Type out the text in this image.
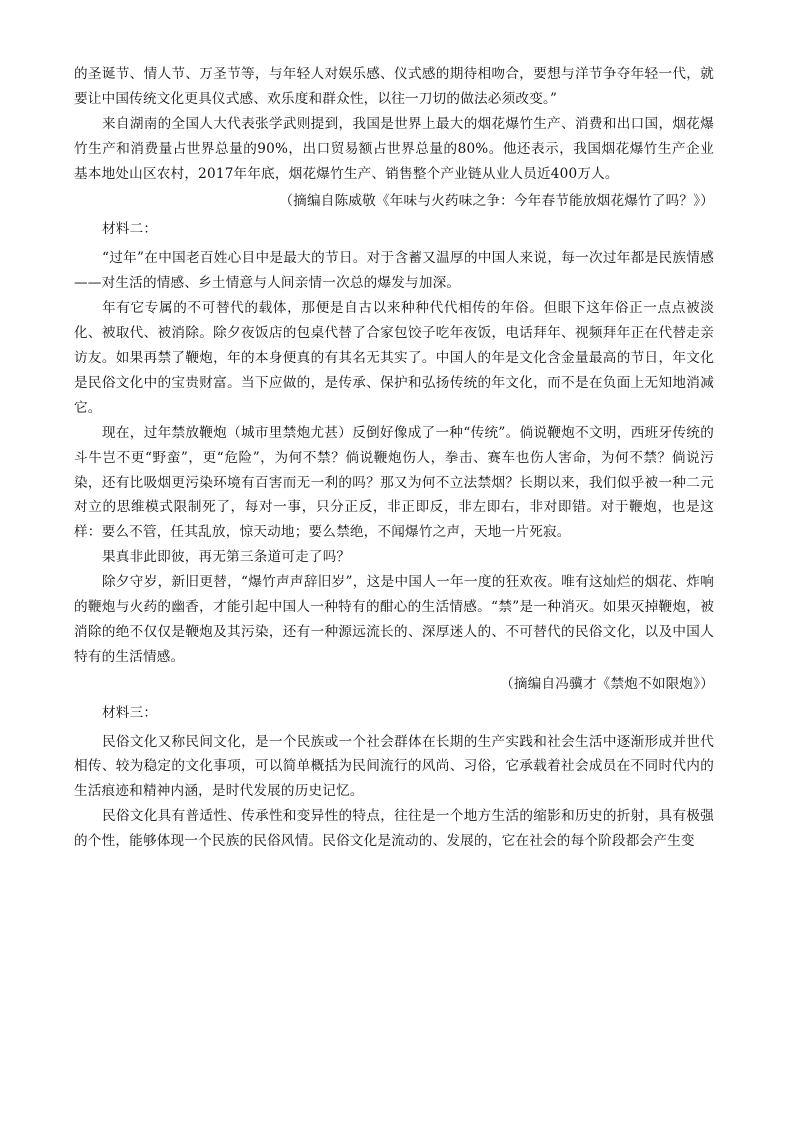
的圣诞节、情人节、万圣节等，与年轻人对娱乐感、仪式感的期待相吻合，要想与洋节争夺年轻一代，就要让中国传统文化更具仪式感、欢乐度和群众性，以往一刀切的做法必须改变。”

来自湖南的全国人大代表张学武则提到，我国是世界上最大的烟花爆竹生产、消费和出口国，烟花爆竹生产和消费量占世界总量的90%，出口贸易额占世界总量的80%。他还表示，我国烟花爆竹生产企业基本地处山区农村，2017年年底，烟花爆竹生产、销售整个产业链从业人员近400万人。

（摘编自陈威敬《年味与火药味之争：今年春节能放烟花爆竹了吗？》）

材料二：

“过年”在中国老百姓心目中是最大的节日。对于含蓄又温厚的中国人来说，每一次过年都是民族情感——对生活的情感、乡土情意与人间亲情一次总的爆发与加深。

年有它专属的不可替代的载体，那便是自古以来种种代代相传的年俗。但眼下这年俗正一点点被淡化、被取代、被消除。除夕夜饭店的包桌代替了合家包饺子吃年夜饭，电话拜年、视频拜年正在代替走亲访友。如果再禁了鞭炮，年的本身便真的有其名无其实了。中国人的年是文化含金量最高的节日，年文化是民俗文化中的宝贵财富。当下应做的，是传承、保护和弘扬传统的年文化，而不是在负面上无知地消减它。

现在，过年禁放鞭炮（城市里禁炮尤甚）反倒好像成了一种“传统”。倘说鞭炮不文明，西班牙传统的斗牛岂不更“野蛮”，更“危险”，为何不禁？倘说鞭炮伤人，拳击、赛车也伤人害命，为何不禁？倘说污染，还有比吸烟更污染环境有百害而无一利的吗？那又为何不立法禁烟？长期以来，我们似乎被一种二元对立的思维模式限制死了，每对一事，只分正反，非正即反，非左即右，非对即错。对于鞭炮，也是这样：要么不管，任其乱放，惊天动地；要么禁绝，不闻爆竹之声，天地一片死寂。

果真非此即彼，再无第三条道可走了吗？

除夕守岁，新旧更替，“爆竹声声辞旧岁”，这是中国人一年一度的狂欢夜。唯有这灿烂的烟花、炸响的鞭炮与火药的幽香，才能引起中国人一种特有的酣心的生活情感。“禁”是一种消灭。如果灭掉鞭炮，被消除的绝不仅仅是鞭炮及其污染，还有一种源远流长的、深厚迷人的、不可替代的民俗文化，以及中国人特有的生活情感。

（摘编自冯骥才《禁炮不如限炮》）

材料三：

民俗文化又称民间文化，是一个民族或一个社会群体在长期的生产实践和社会生活中逐渐形成并世代相传、较为稳定的文化事项，可以简单概括为民间流行的风尚、习俗，它承载着社会成员在不同时代内的生活痕迹和精神内涵，是时代发展的历史记忆。

民俗文化具有普适性、传承性和变异性的特点，往往是一个地方生活的缩影和历史的折射，具有极强的个性，能够体现一个民族的民俗风情。民俗文化是流动的、发展的，它在社会的每个阶段都会产生变
